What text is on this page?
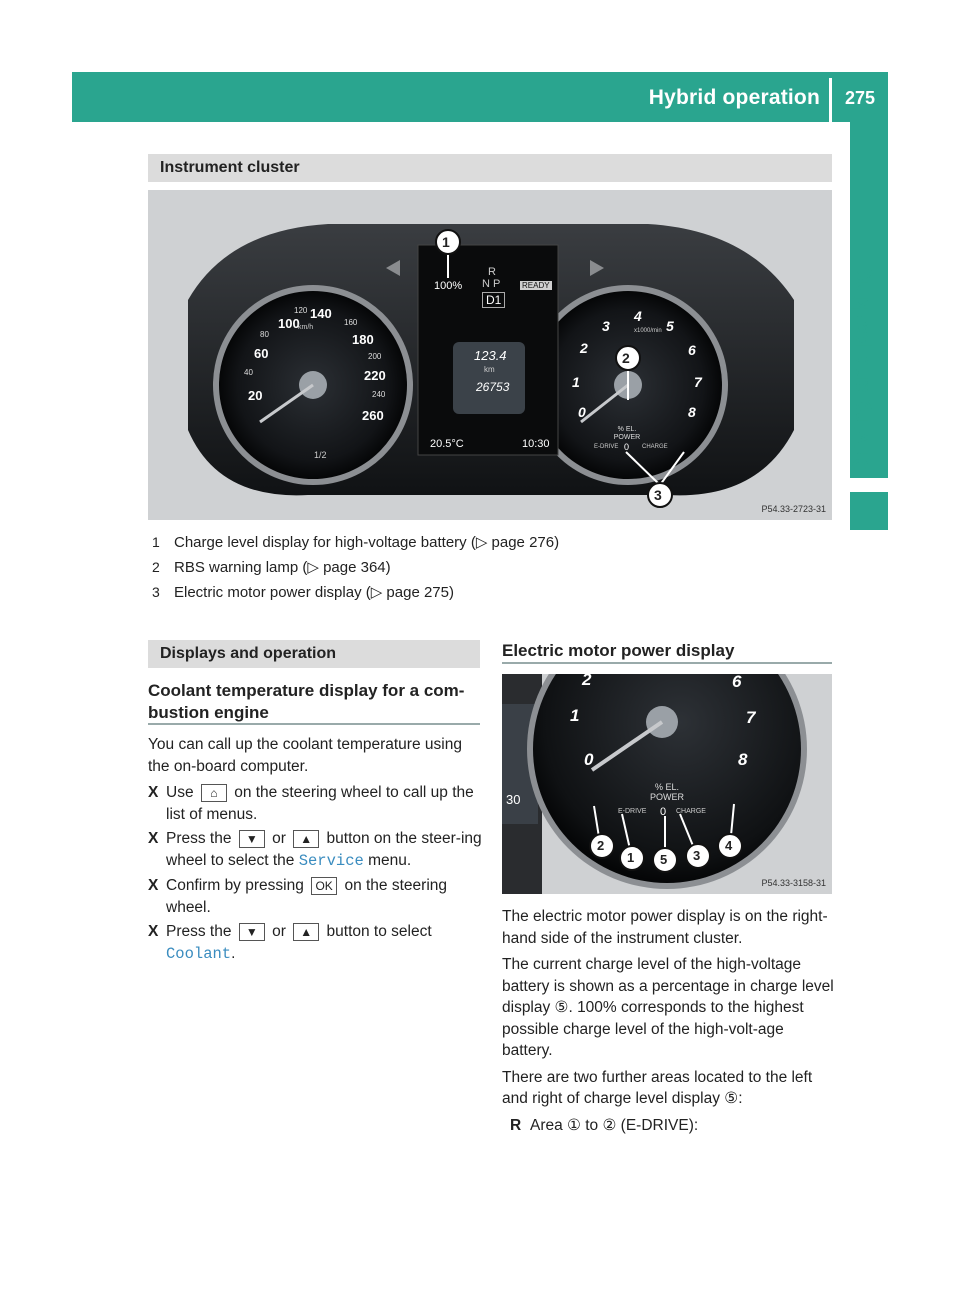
Hybrid operation	275
Driving and parking
Instrument cluster
1
2
3
100%
R
N P	READY
D1
123.4
km
26753
20.5°C	10:30
20
40
60
80
100
120 140
160
180
200
220
240
260
km/h
1/2
0
1
2
3
4
5
6
7
8
x1000/min
% EL. POWER
E-DRIVE 0 CHARGE
P54.33-2723-31
1 Charge level display for high-voltage battery (▷ page 276)
2 RBS warning lamp (▷ page 364)
3 Electric motor power display (▷ page 275)
Displays and operation
Coolant temperature display for a com-
bustion engine
You can call up the coolant temperature using the on-board computer.
X Use ⌂ on the steering wheel to call up the list of menus.
X Press the ▼ or ▲ button on the steer-ing wheel to select the Service menu.
X Confirm by pressing OK on the steering wheel.
X Press the ▼ or ▲ button to select Coolant.
Electric motor power display
0
1
2	6
7
8
30
% EL. POWER
E-DRIVE 0 CHARGE
2
1 5 3
4
P54.33-3158-31
The electric motor power display is on the right-hand side of the instrument cluster.
The current charge level of the high-voltage battery is shown as a percentage in charge level display ⑤. 100% corresponds to the highest possible charge level of the high-volt-age battery.
There are two further areas located to the left and right of charge level display ⑤:
R Area ① to ② (E-DRIVE):
